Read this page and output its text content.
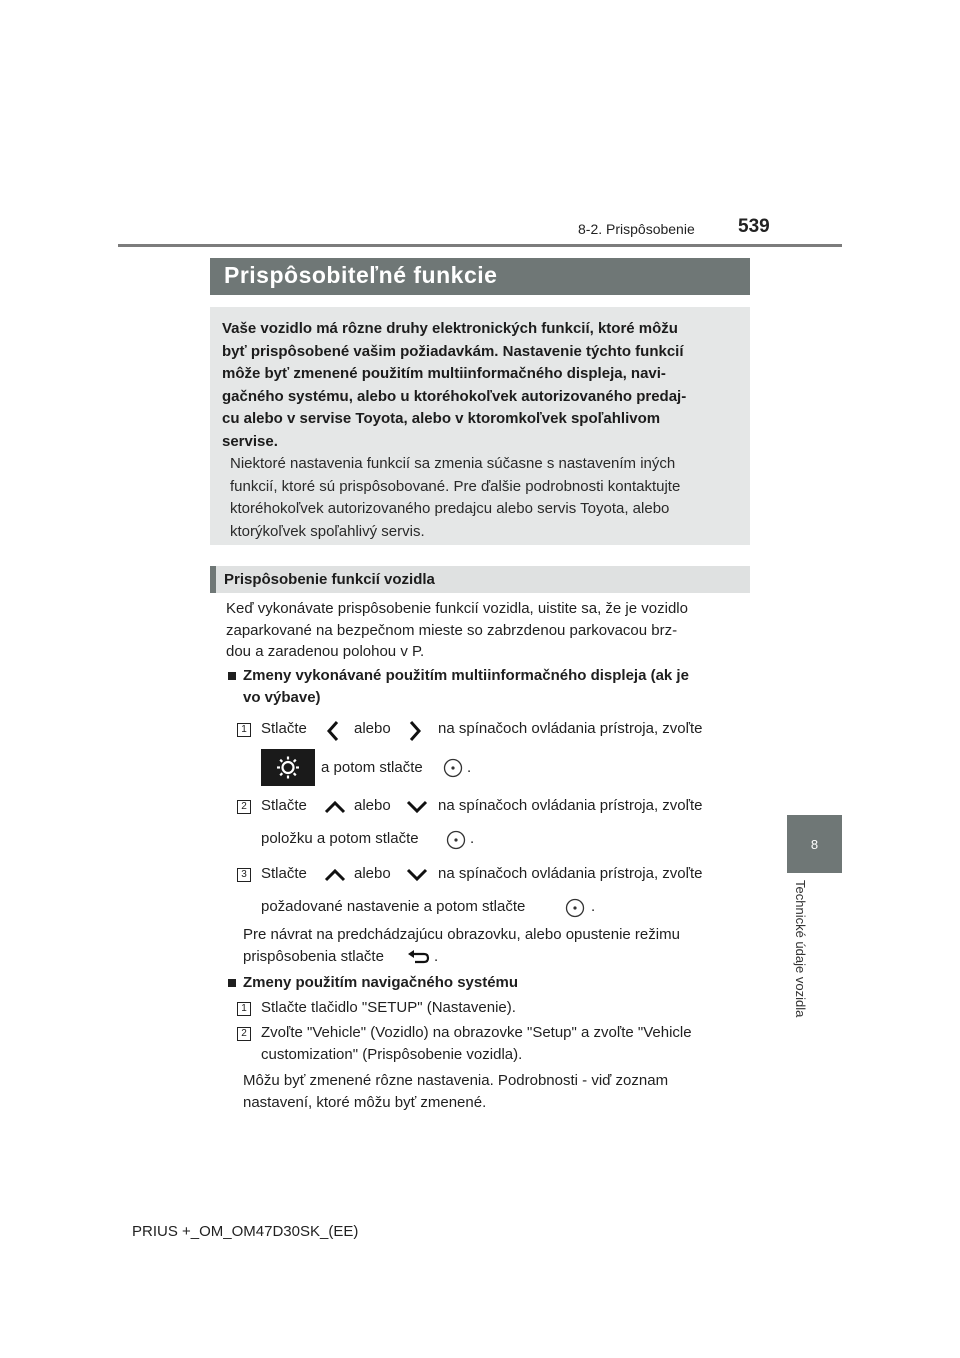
8-2. Prispôsobenie 539
8
Technické údaje vozidla
Prispôsobiteľné funkcie
Vaše vozidlo má rôzne druhy elektronických funkcií, ktoré môžu
byť prispôsobené vašim požiadavkám. Nastavenie týchto funkcií
môže byť zmenené použitím multiinformačného displeja, navi-
gačného systému, alebo u ktoréhokoľvek autorizovaného predaj-
cu alebo v servise Toyota, alebo v ktoromkoľvek spoľahlivom
servise.
Niektoré nastavenia funkcií sa zmenia súčasne s nastavením iných
funkcií, ktoré sú prispôsobované. Pre ďalšie podrobnosti kontaktujte
ktoréhokoľvek autorizovaného predajcu alebo servis Toyota, alebo
ktorýkoľvek spoľahlivý servis.
Prispôsobenie funkcií vozidla
Keď vykonávate prispôsobenie funkcií vozidla, uistite sa, že je vozidlo
zaparkované na bezpečnom mieste so zabrzdenou parkovacou brz-
dou a zaradenou polohou v P.
Zmeny vykonávané použitím multiinformačného displeja (ak je
vo výbave)
1 Stlačte	alebo	na spínačoch ovládania prístroja, zvoľte
a potom stlačte	.
2 Stlačte	alebo	na spínačoch ovládania prístroja, zvoľte
položku a potom stlačte	.
3 Stlačte	alebo	na spínačoch ovládania prístroja, zvoľte
požadované nastavenie a potom stlačte	.
Pre návrat na predchádzajúcu obrazovku, alebo opustenie režimu
prispôsobenia stlačte	.
Zmeny použitím navigačného systému
1 Stlačte tlačidlo "SETUP" (Nastavenie).
2 Zvoľte "Vehicle" (Vozidlo) na obrazovke "Setup" a zvoľte "Vehicle
customization" (Prispôsobenie vozidla).
Môžu byť zmenené rôzne nastavenia. Podrobnosti - viď zoznam
nastavení, ktoré môžu byť zmenené.
PRIUS +_OM_OM47D30SK_(EE)
